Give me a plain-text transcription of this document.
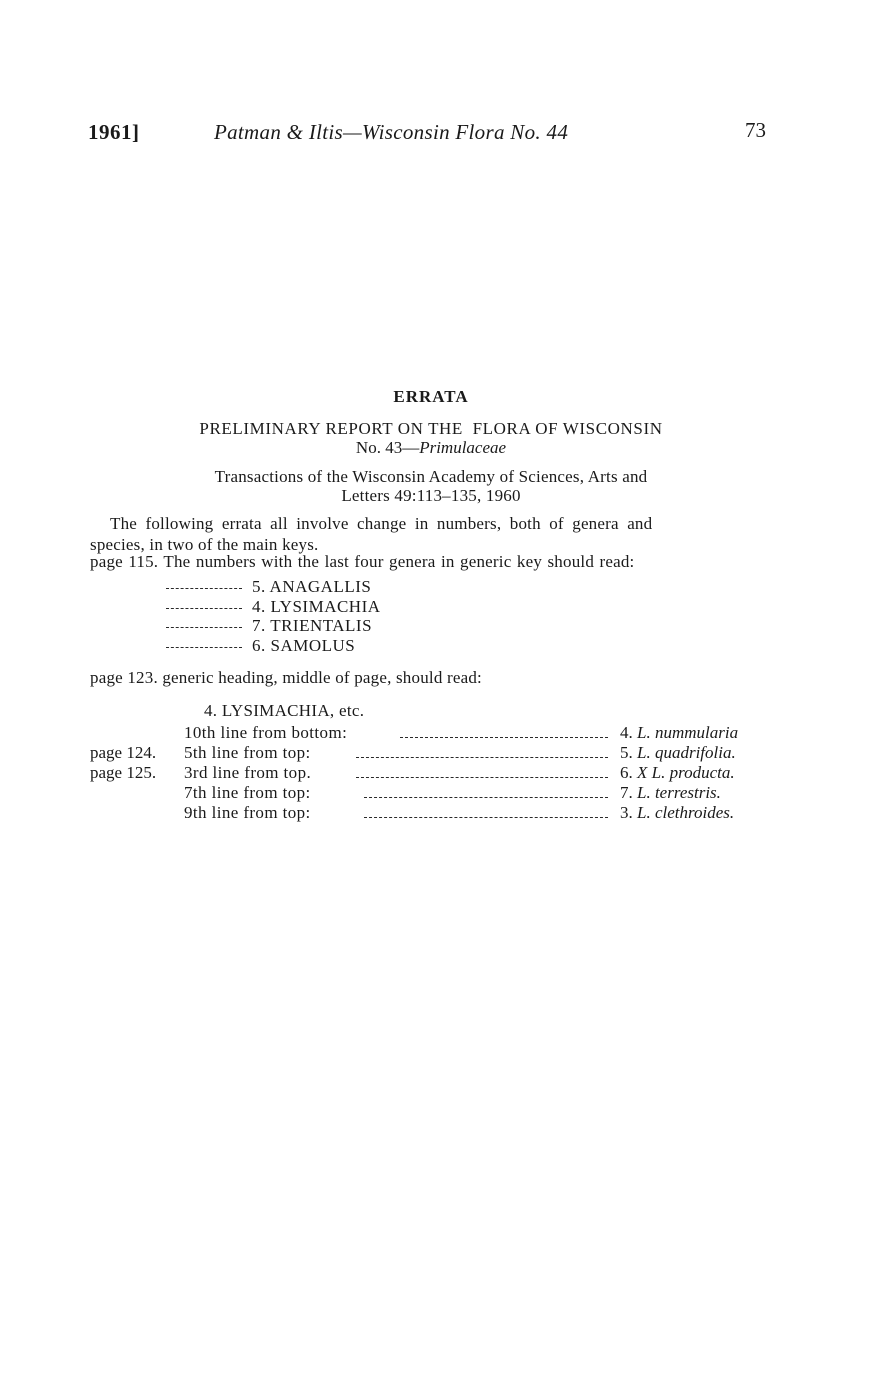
1961]	Patman & Iltis—Wisconsin Flora No. 44	73
ERRATA
PRELIMINARY REPORT ON THE  FLORA OF WISCONSIN
No. 43—Primulaceae
Transactions of the Wisconsin Academy of Sciences, Arts and
Letters 49:113–135, 1960
The following errata all involve change in numbers, both of genera and
species, in two of the main keys.
page 115. The numbers with the last four genera in generic key should read:
5. ANAGALLIS
4. LYSIMACHIA
7. TRIENTALIS
6. SAMOLUS
page 123. generic heading, middle of page, should read:
4. LYSIMACHIA, etc.
10th line from bottom:	4. L. nummularia
page 124. 5th line from top:	5. L. quadrifolia.
page 125. 3rd line from top.	6. X L. producta.
7th line from top:	7. L. terrestris.
9th line from top:	3. L. clethroides.
